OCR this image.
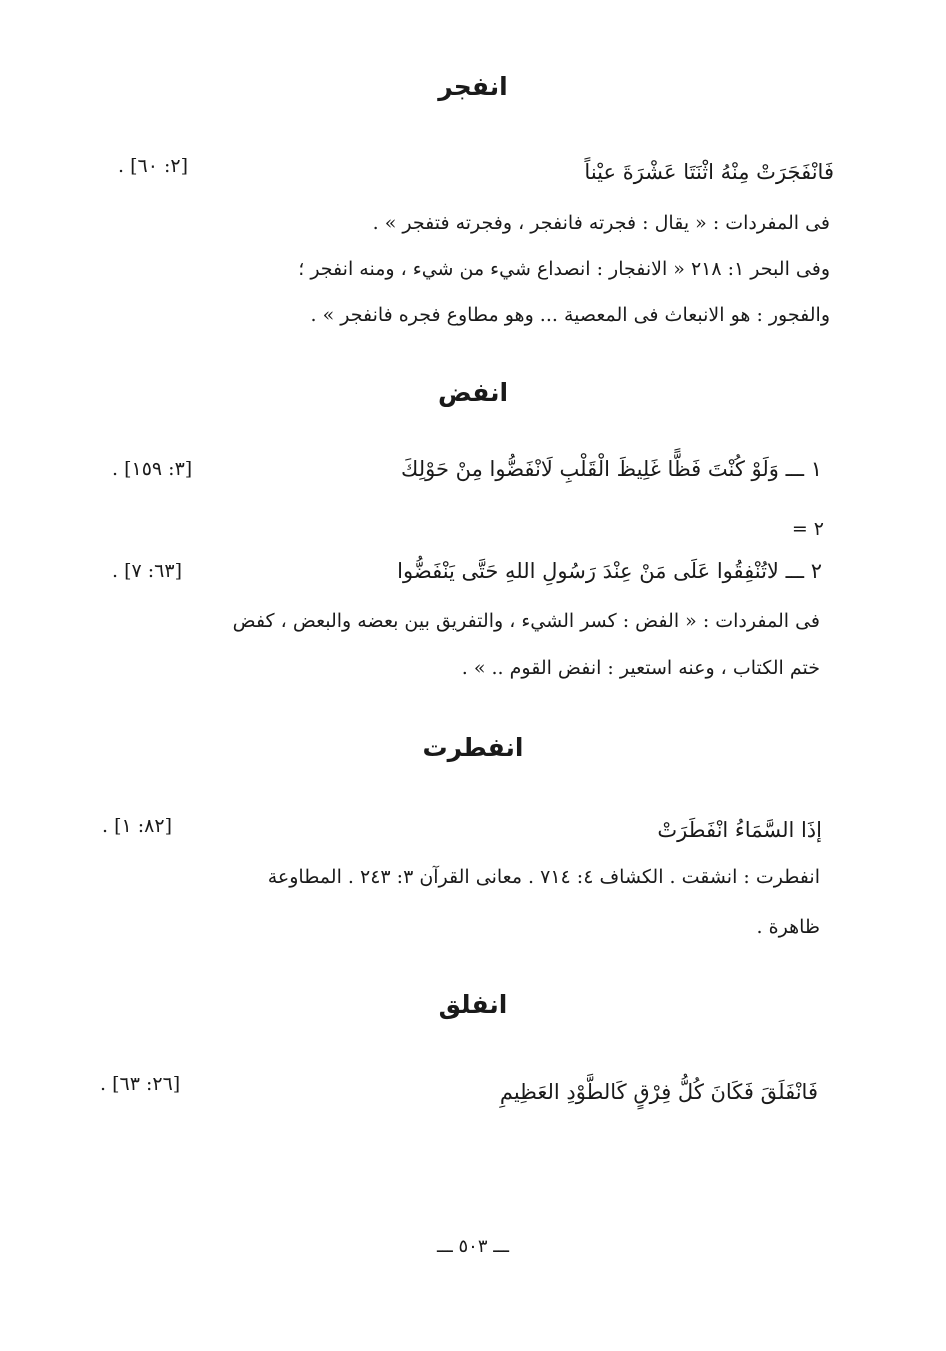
انفجر
فَانْفَجَرَتْ مِنْهُ اثْنَتَا عَشْرَةَ عيْناً
[٢: ٦٠] .
فى المفردات : « يقال : فجرته فانفجر ، وفجرته فتفجر » .
وفى البحر ١: ٢١٨ « الانفجار : انصداع شيء من شيء ، ومنه انفجر ؛
والفجور : هو الانبعاث فى المعصية ... وهو مطاوع فجره فانفجر » .
انفض
١ ـــ وَلَوْ كُنْتَ فَظًّا غَلِيظَ الْقَلْبِ لَانْفَضُّوا مِنْ حَوْلِكَ
[٣: ١٥٩] .
٢ =
٢ ـــ لاتُنْفِقُوا عَلَى مَنْ عِنْدَ رَسُولِ اللهِ حَتَّى يَنْفَضُّوا
[٦٣: ٧] .
فى المفردات : « الفض : كسر الشيء ، والتفريق بين بعضه والبعض ، كفض
ختم الكتاب ، وعنه استعير : انفض القوم .. » .
انفطرت
إذَا السَّمَاءُ انْفَطَرَتْ
[٨٢: ١] .
انفطرت : انشقت . الكشاف ٤: ٧١٤ . معانى القرآن ٣: ٢٤٣ . المطاوعة
ظاهرة .
انفلق
فَانْفَلَقَ فَكَانَ كُلُّ فِرْقٍ كَالطَّوْدِ العَظِيمِ
[٢٦: ٦٣] .
ـــ ٥٠٣ ـــ
